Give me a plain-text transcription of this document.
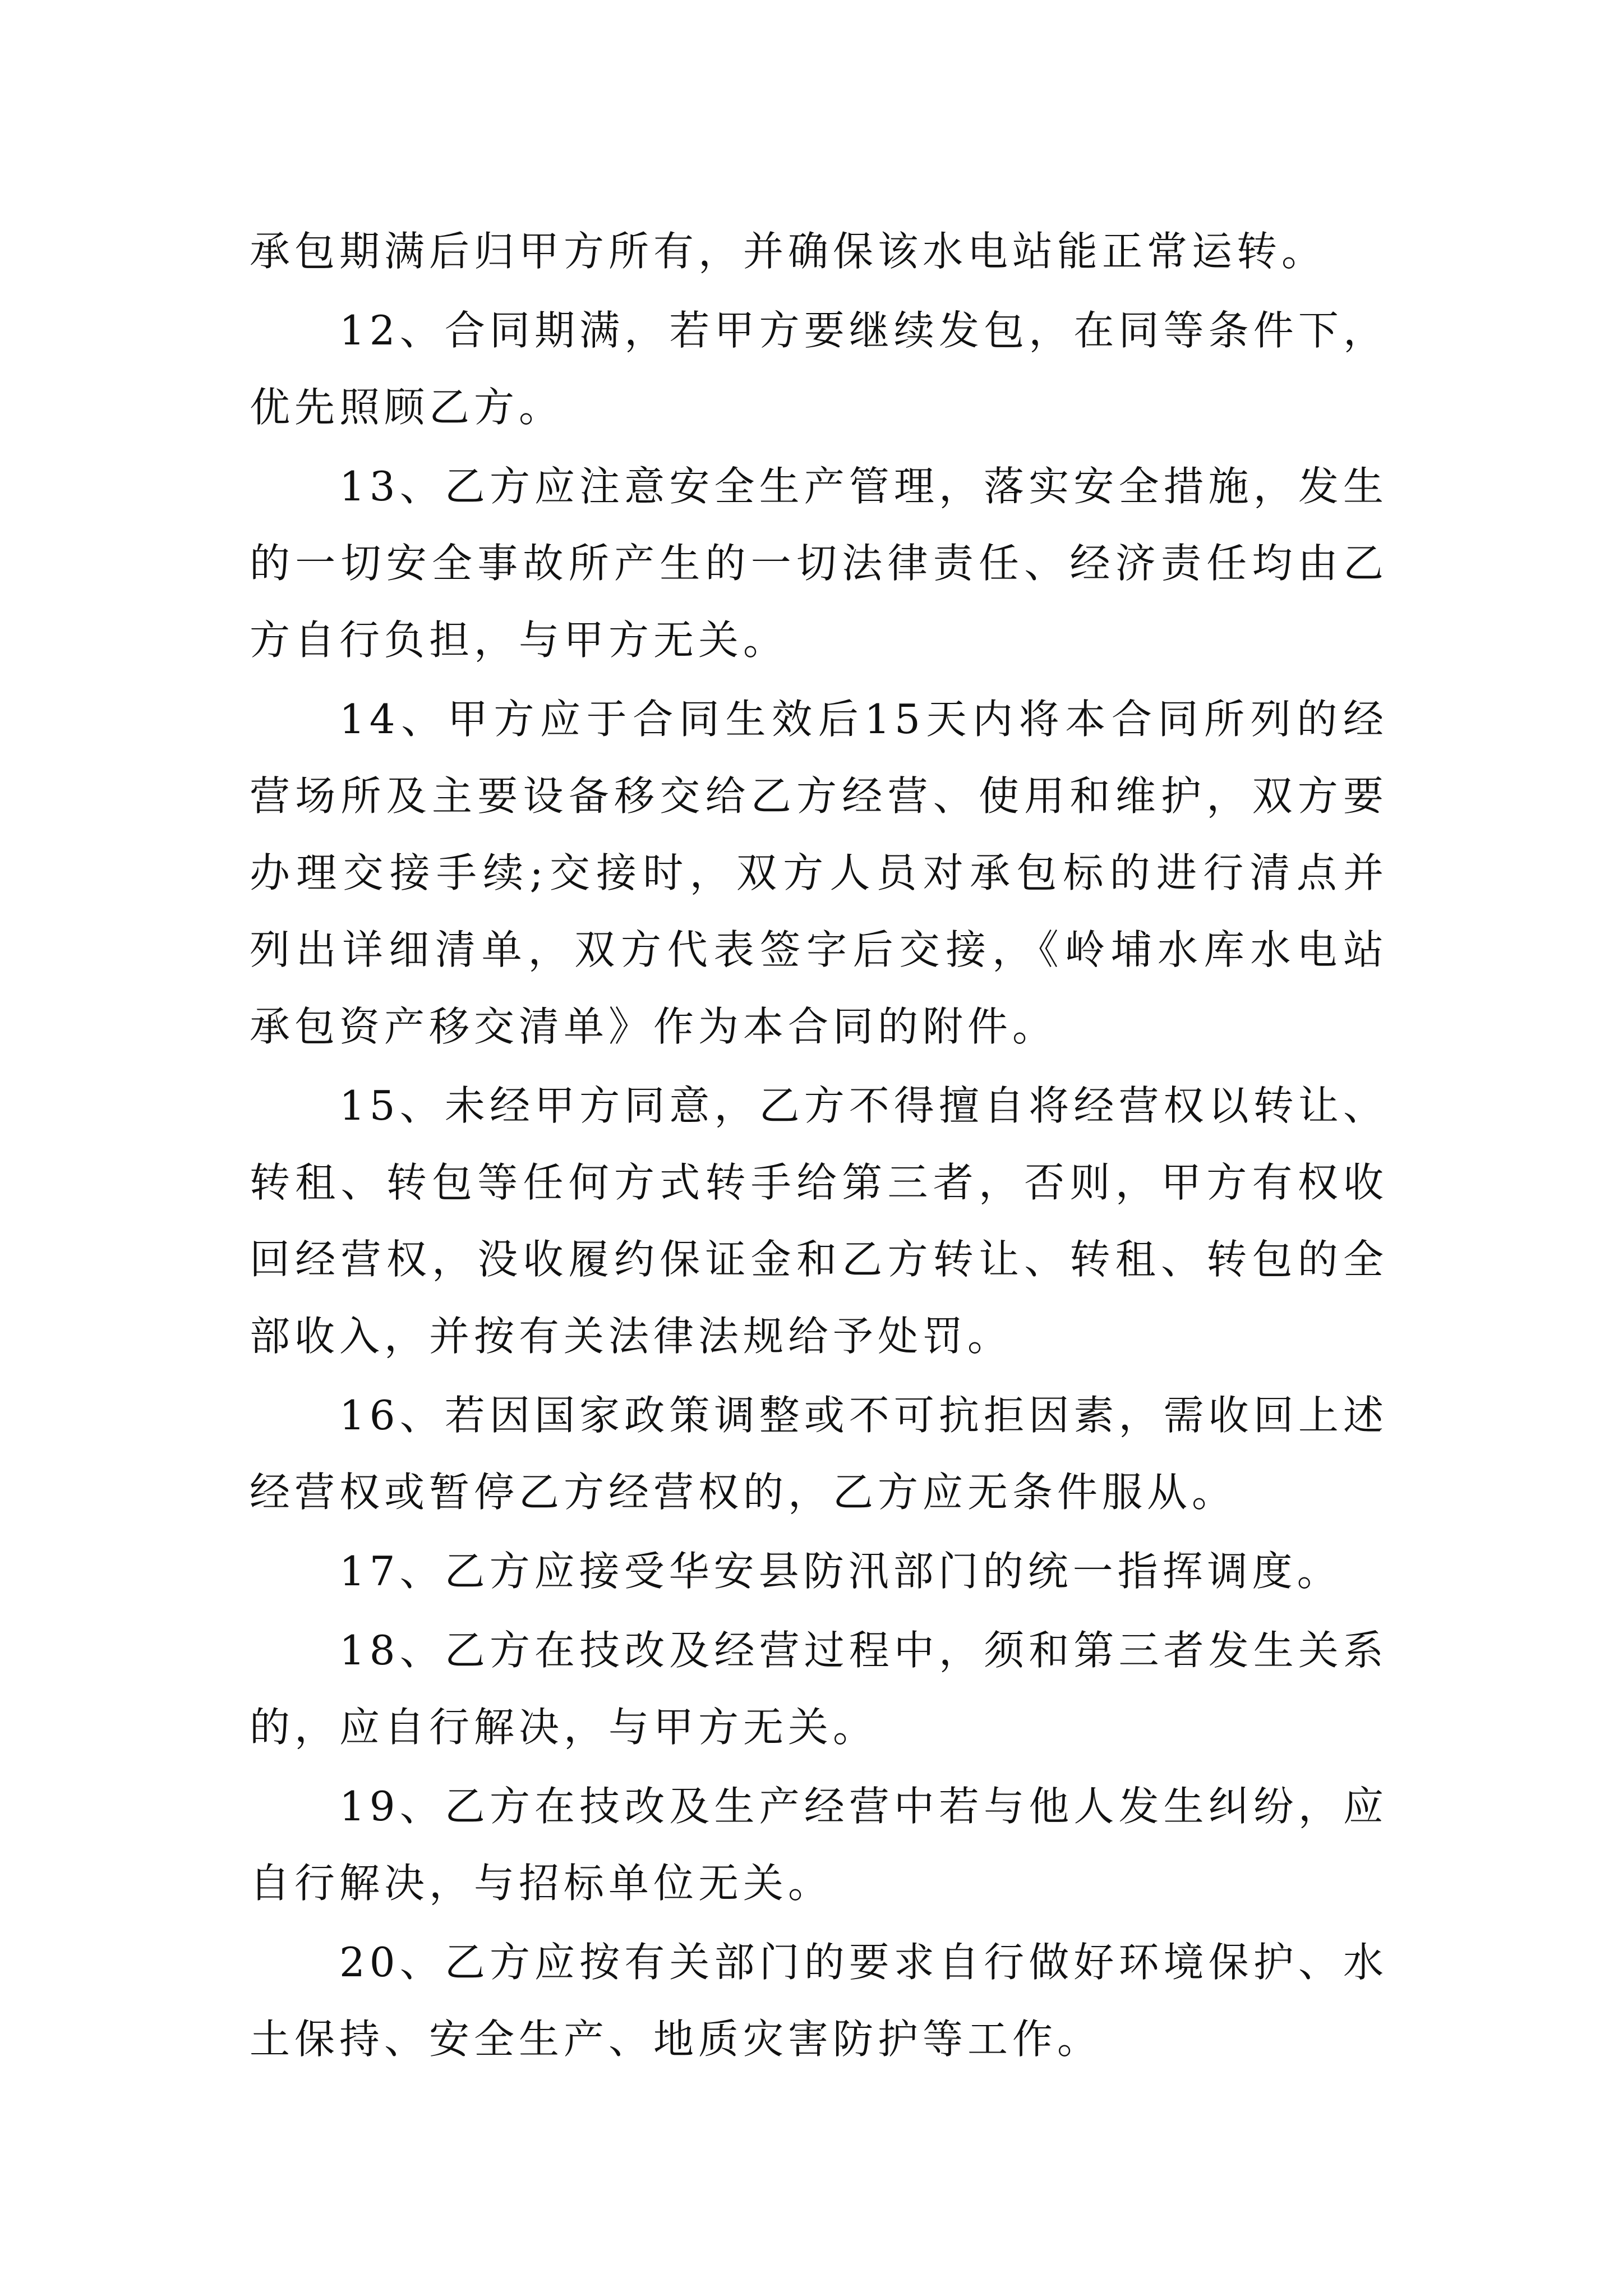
承包期满后归甲方所有，并确保该水电站能正常运转。

12、合同期满，若甲方要继续发包，在同等条件下，优先照顾乙方。

13、乙方应注意安全生产管理，落实安全措施，发生的一切安全事故所产生的一切法律责任、经济责任均由乙方自行负担，与甲方无关。

14、甲方应于合同生效后15天内将本合同所列的经营场所及主要设备移交给乙方经营、使用和维护，双方要办理交接手续;交接时，双方人员对承包标的进行清点并列出详细清单，双方代表签字后交接，《岭埔水库水电站承包资产移交清单》作为本合同的附件。

15、未经甲方同意，乙方不得擅自将经营权以转让、转租、转包等任何方式转手给第三者，否则，甲方有权收回经营权，没收履约保证金和乙方转让、转租、转包的全部收入，并按有关法律法规给予处罚。

16、若因国家政策调整或不可抗拒因素，需收回上述经营权或暂停乙方经营权的，乙方应无条件服从。

17、乙方应接受华安县防汛部门的统一指挥调度。

18、乙方在技改及经营过程中，须和第三者发生关系的，应自行解决，与甲方无关。

19、乙方在技改及生产经营中若与他人发生纠纷，应自行解决，与招标单位无关。

20、乙方应按有关部门的要求自行做好环境保护、水土保持、安全生产、地质灾害防护等工作。
